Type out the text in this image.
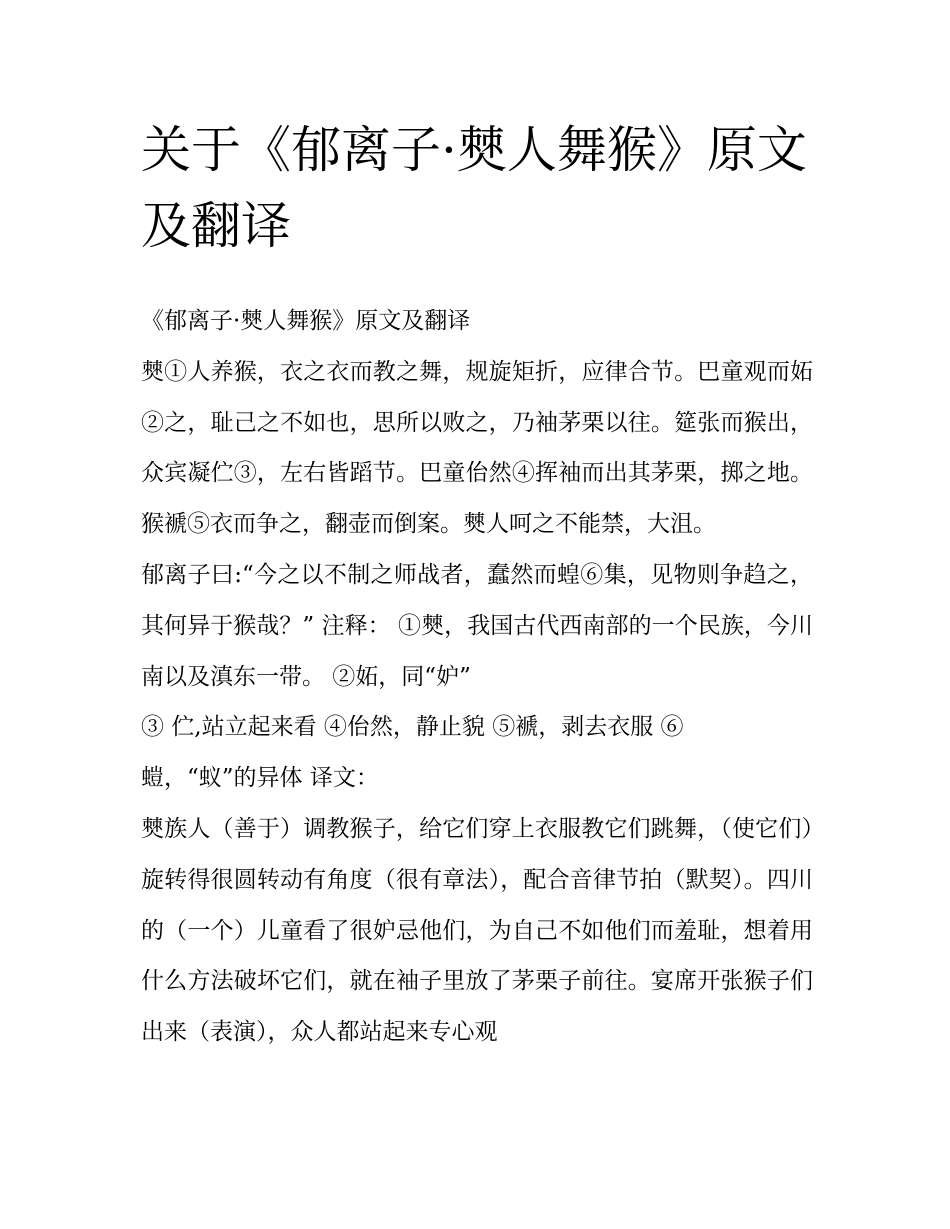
关于《郁离子·僰人舞猴》原文及翻译

《郁离子·僰人舞猴》原文及翻译

僰①人养猴，衣之衣而教之舞，规旋矩折，应律合节。巴童观而妬②之，耻己之不如也，思所以败之，乃袖茅栗以往。筵张而猴出，众宾凝伫③，左右皆蹈节。巴童佁然④挥袖而出其茅栗，掷之地。猴褫⑤衣而争之，翻壶而倒案。僰人呵之不能禁，大沮。

郁离子曰:“今之以不制之师战者，蠢然而蝗⑥集，见物则争趋之，其何异于猴哉？” 注释： ①僰，我国古代西南部的一个民族，今川南以及滇东一带。 ②妬，同“妒”

③ 伫,站立起来看 ④佁然，静止貌 ⑤褫，剥去衣服 ⑥

螘，“蚁”的异体 译文：

僰族人（善于）调教猴子，给它们穿上衣服教它们跳舞，（使它们）旋转得很圆转动有角度（很有章法），配合音律节拍（默契）。四川的（一个）儿童看了很妒忌他们，为自己不如他们而羞耻，想着用什么方法破坏它们，就在袖子里放了茅栗子前往。宴席开张猴子们出来（表演），众人都站起来专心观
